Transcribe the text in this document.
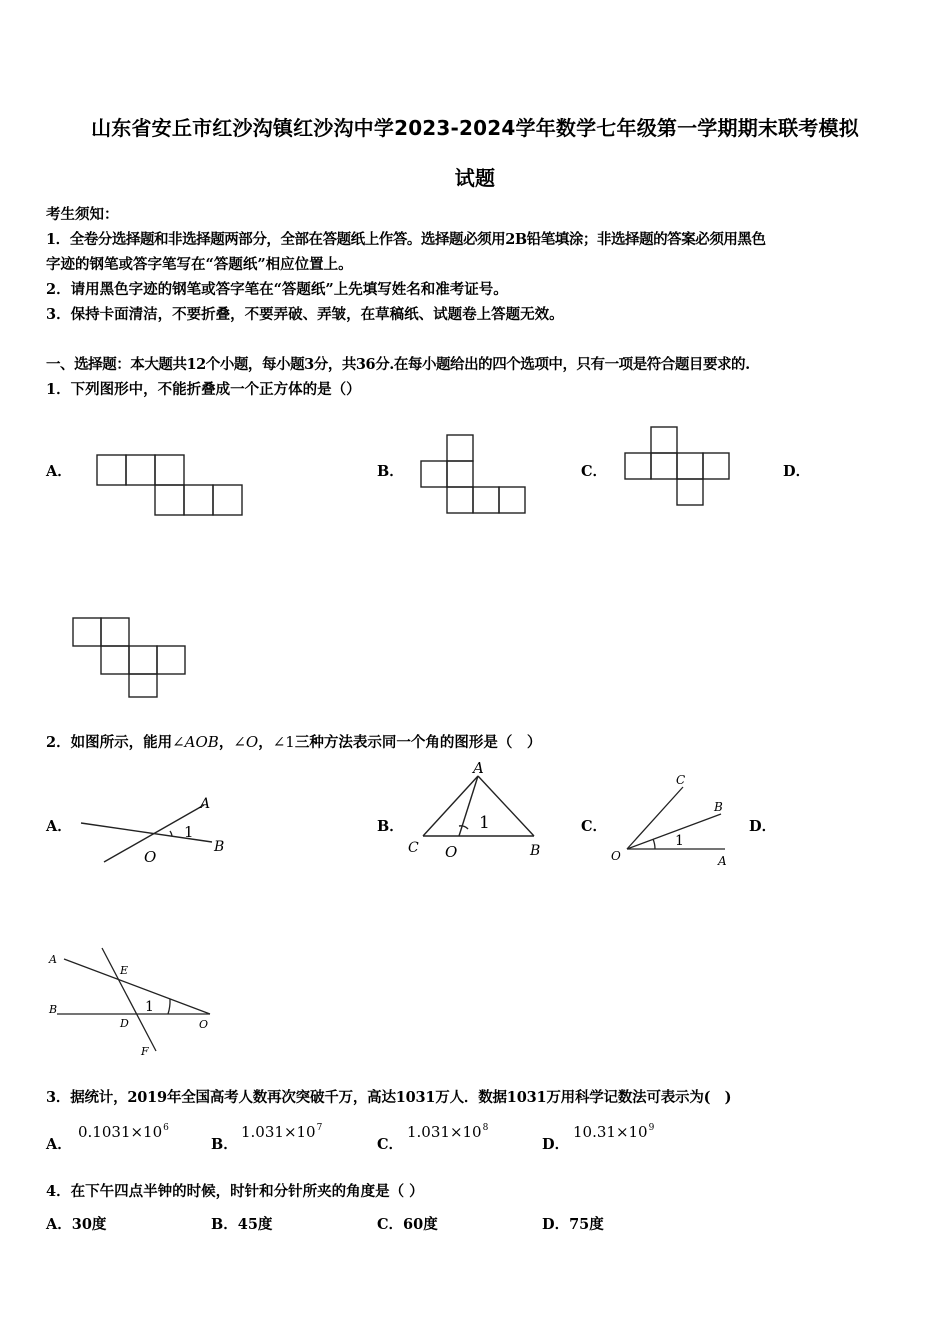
山东省安丘市红沙沟镇红沙沟中学2023-2024学年数学七年级第一学期期末联考模拟
试题
考生须知：
1．全卷分选择题和非选择题两部分，全部在答题纸上作答。选择题必须用2B铅笔填涂；非选择题的答案必须用黑色
字迹的钢笔或答字笔写在“答题纸”相应位置上。
2．请用黑色字迹的钢笔或答字笔在“答题纸”上先填写姓名和准考证号。
3．保持卡面清洁，不要折叠，不要弄破、弄皱，在草稿纸、试题卷上答题无效。
一、选择题：本大题共12个小题，每小题3分，共36分.在每小题给出的四个选项中，只有一项是符合题目要求的.
1．下列图形中，不能折叠成一个正方体的是（）
A．	B．	C．	D．
2．如图所示，能用∠AOB，∠O，∠1三种方法表示同一个角的图形是（　）
A．	B．	C．	D．
A
B
O
1
A
C O	B
1
C
B
O	A
1
A
E
B
D	O
F
1
3．据统计，2019年全国高考人数再次突破千万，高达1031万人．数据1031万用科学记数法可表示为(　)
A．
$0.1031\times 10^6$
B．
$1.031\times 10^7$
C．
$1.031\times 10^8$
D．
$10.31\times 10^9$
4．在下午四点半钟的时候，时针和分针所夹的角度是（ ）
A．30度	B．45度	C．60度	D．75度
